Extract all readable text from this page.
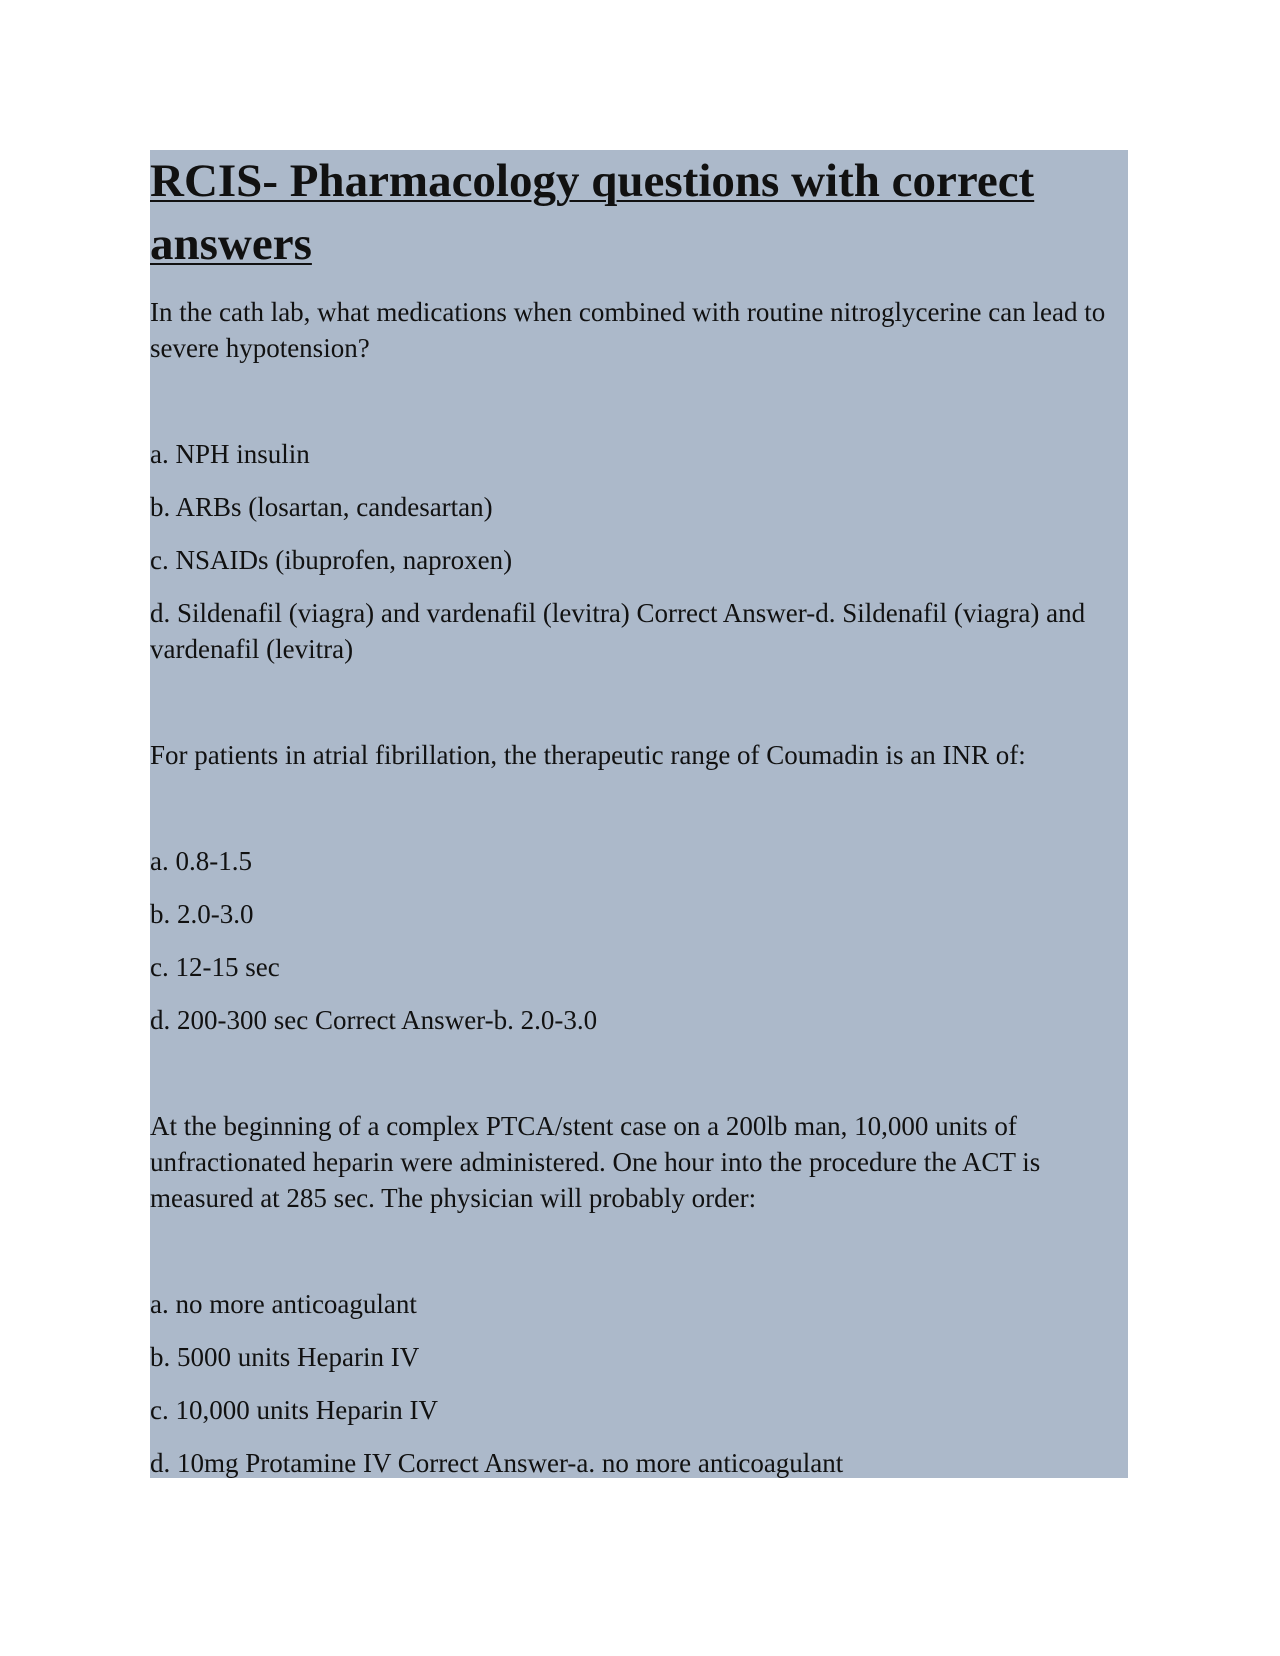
RCIS- Pharmacology questions with correct answers

In the cath lab, what medications when combined with routine nitroglycerine can lead to severe hypotension?

a. NPH insulin

b. ARBs (losartan, candesartan)

c. NSAIDs (ibuprofen, naproxen)

d. Sildenafil (viagra) and vardenafil (levitra) Correct Answer-d. Sildenafil (viagra) and vardenafil (levitra)

For patients in atrial fibrillation, the therapeutic range of Coumadin is an INR of:

a. 0.8-1.5

b. 2.0-3.0

c. 12-15 sec

d. 200-300 sec Correct Answer-b. 2.0-3.0

At the beginning of a complex PTCA/stent case on a 200lb man, 10,000 units of unfractionated heparin were administered. One hour into the procedure the ACT is measured at 285 sec. The physician will probably order:

a. no more anticoagulant

b. 5000 units Heparin IV

c. 10,000 units Heparin IV

d. 10mg Protamine IV Correct Answer-a. no more anticoagulant
